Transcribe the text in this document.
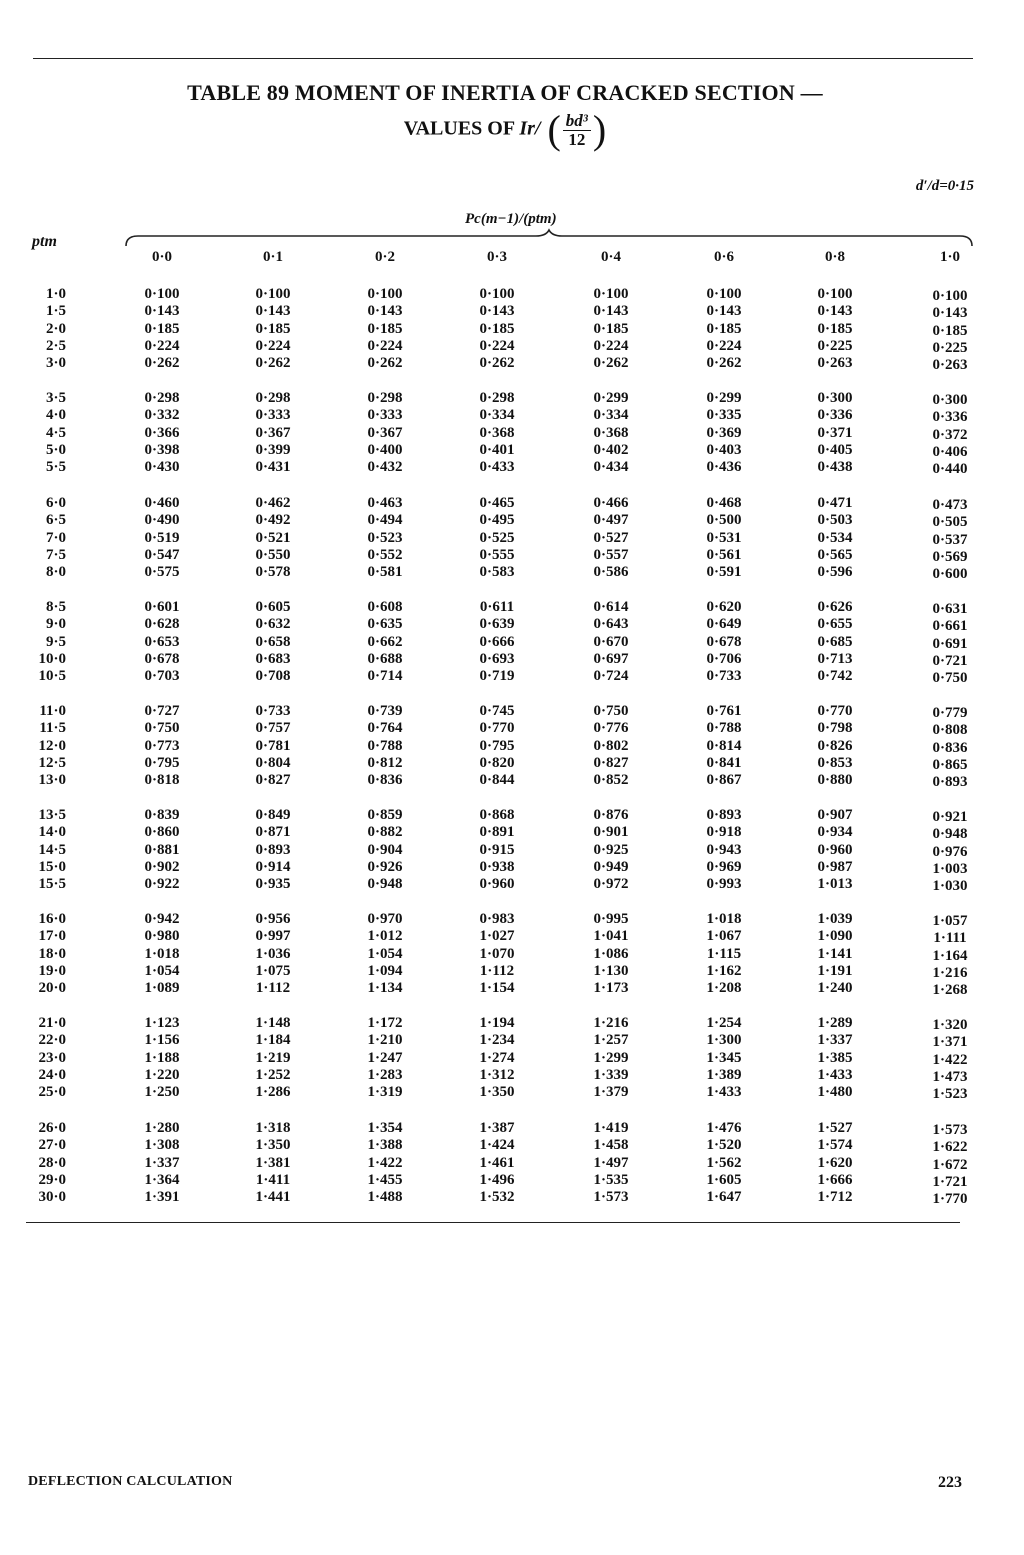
TABLE 89 MOMENT OF INERTIA OF CRACKED SECTION —
VALUES OF Ir/ ( $\frac{\text{bd³}}{12}$ )
d′/d=0·15
Pc(m−1)/(ptm)
ptm
0·0	0·1	0·2	0·3	0·4	0·6	0·8	1·0
1·0	0·100	0·100	0·100	0·100	0·100	0·100	0·100	0·100
1·5	0·143	0·143	0·143	0·143	0·143	0·143	0·143	0·143
2·0	0·185	0·185	0·185	0·185	0·185	0·185	0·185	0·185
2·5	0·224	0·224	0·224	0·224	0·224	0·224	0·225	0·225
3·0	0·262	0·262	0·262	0·262	0·262	0·262	0·263	0·263
3·5	0·298	0·298	0·298	0·298	0·299	0·299	0·300	0·300
4·0	0·332	0·333	0·333	0·334	0·334	0·335	0·336	0·336
4·5	0·366	0·367	0·367	0·368	0·368	0·369	0·371	0·372
5·0	0·398	0·399	0·400	0·401	0·402	0·403	0·405	0·406
5·5	0·430	0·431	0·432	0·433	0·434	0·436	0·438	0·440
6·0	0·460	0·462	0·463	0·465	0·466	0·468	0·471	0·473
6·5	0·490	0·492	0·494	0·495	0·497	0·500	0·503	0·505
7·0	0·519	0·521	0·523	0·525	0·527	0·531	0·534	0·537
7·5	0·547	0·550	0·552	0·555	0·557	0·561	0·565	0·569
8·0	0·575	0·578	0·581	0·583	0·586	0·591	0·596	0·600
8·5	0·601	0·605	0·608	0·611	0·614	0·620	0·626	0·631
9·0	0·628	0·632	0·635	0·639	0·643	0·649	0·655	0·661
9·5	0·653	0·658	0·662	0·666	0·670	0·678	0·685	0·691
10·0	0·678	0·683	0·688	0·693	0·697	0·706	0·713	0·721
10·5	0·703	0·708	0·714	0·719	0·724	0·733	0·742	0·750
11·0	0·727	0·733	0·739	0·745	0·750	0·761	0·770	0·779
11·5	0·750	0·757	0·764	0·770	0·776	0·788	0·798	0·808
12·0	0·773	0·781	0·788	0·795	0·802	0·814	0·826	0·836
12·5	0·795	0·804	0·812	0·820	0·827	0·841	0·853	0·865
13·0	0·818	0·827	0·836	0·844	0·852	0·867	0·880	0·893
13·5	0·839	0·849	0·859	0·868	0·876	0·893	0·907	0·921
14·0	0·860	0·871	0·882	0·891	0·901	0·918	0·934	0·948
14·5	0·881	0·893	0·904	0·915	0·925	0·943	0·960	0·976
15·0	0·902	0·914	0·926	0·938	0·949	0·969	0·987	1·003
15·5	0·922	0·935	0·948	0·960	0·972	0·993	1·013	1·030
16·0	0·942	0·956	0·970	0·983	0·995	1·018	1·039	1·057
17·0	0·980	0·997	1·012	1·027	1·041	1·067	1·090	1·111
18·0	1·018	1·036	1·054	1·070	1·086	1·115	1·141	1·164
19·0	1·054	1·075	1·094	1·112	1·130	1·162	1·191	1·216
20·0	1·089	1·112	1·134	1·154	1·173	1·208	1·240	1·268
21·0	1·123	1·148	1·172	1·194	1·216	1·254	1·289	1·320
22·0	1·156	1·184	1·210	1·234	1·257	1·300	1·337	1·371
23·0	1·188	1·219	1·247	1·274	1·299	1·345	1·385	1·422
24·0	1·220	1·252	1·283	1·312	1·339	1·389	1·433	1·473
25·0	1·250	1·286	1·319	1·350	1·379	1·433	1·480	1·523
26·0	1·280	1·318	1·354	1·387	1·419	1·476	1·527	1·573
27·0	1·308	1·350	1·388	1·424	1·458	1·520	1·574	1·622
28·0	1·337	1·381	1·422	1·461	1·497	1·562	1·620	1·672
29·0	1·364	1·411	1·455	1·496	1·535	1·605	1·666	1·721
30·0	1·391	1·441	1·488	1·532	1·573	1·647	1·712	1·770
DEFLECTION CALCULATION	223
